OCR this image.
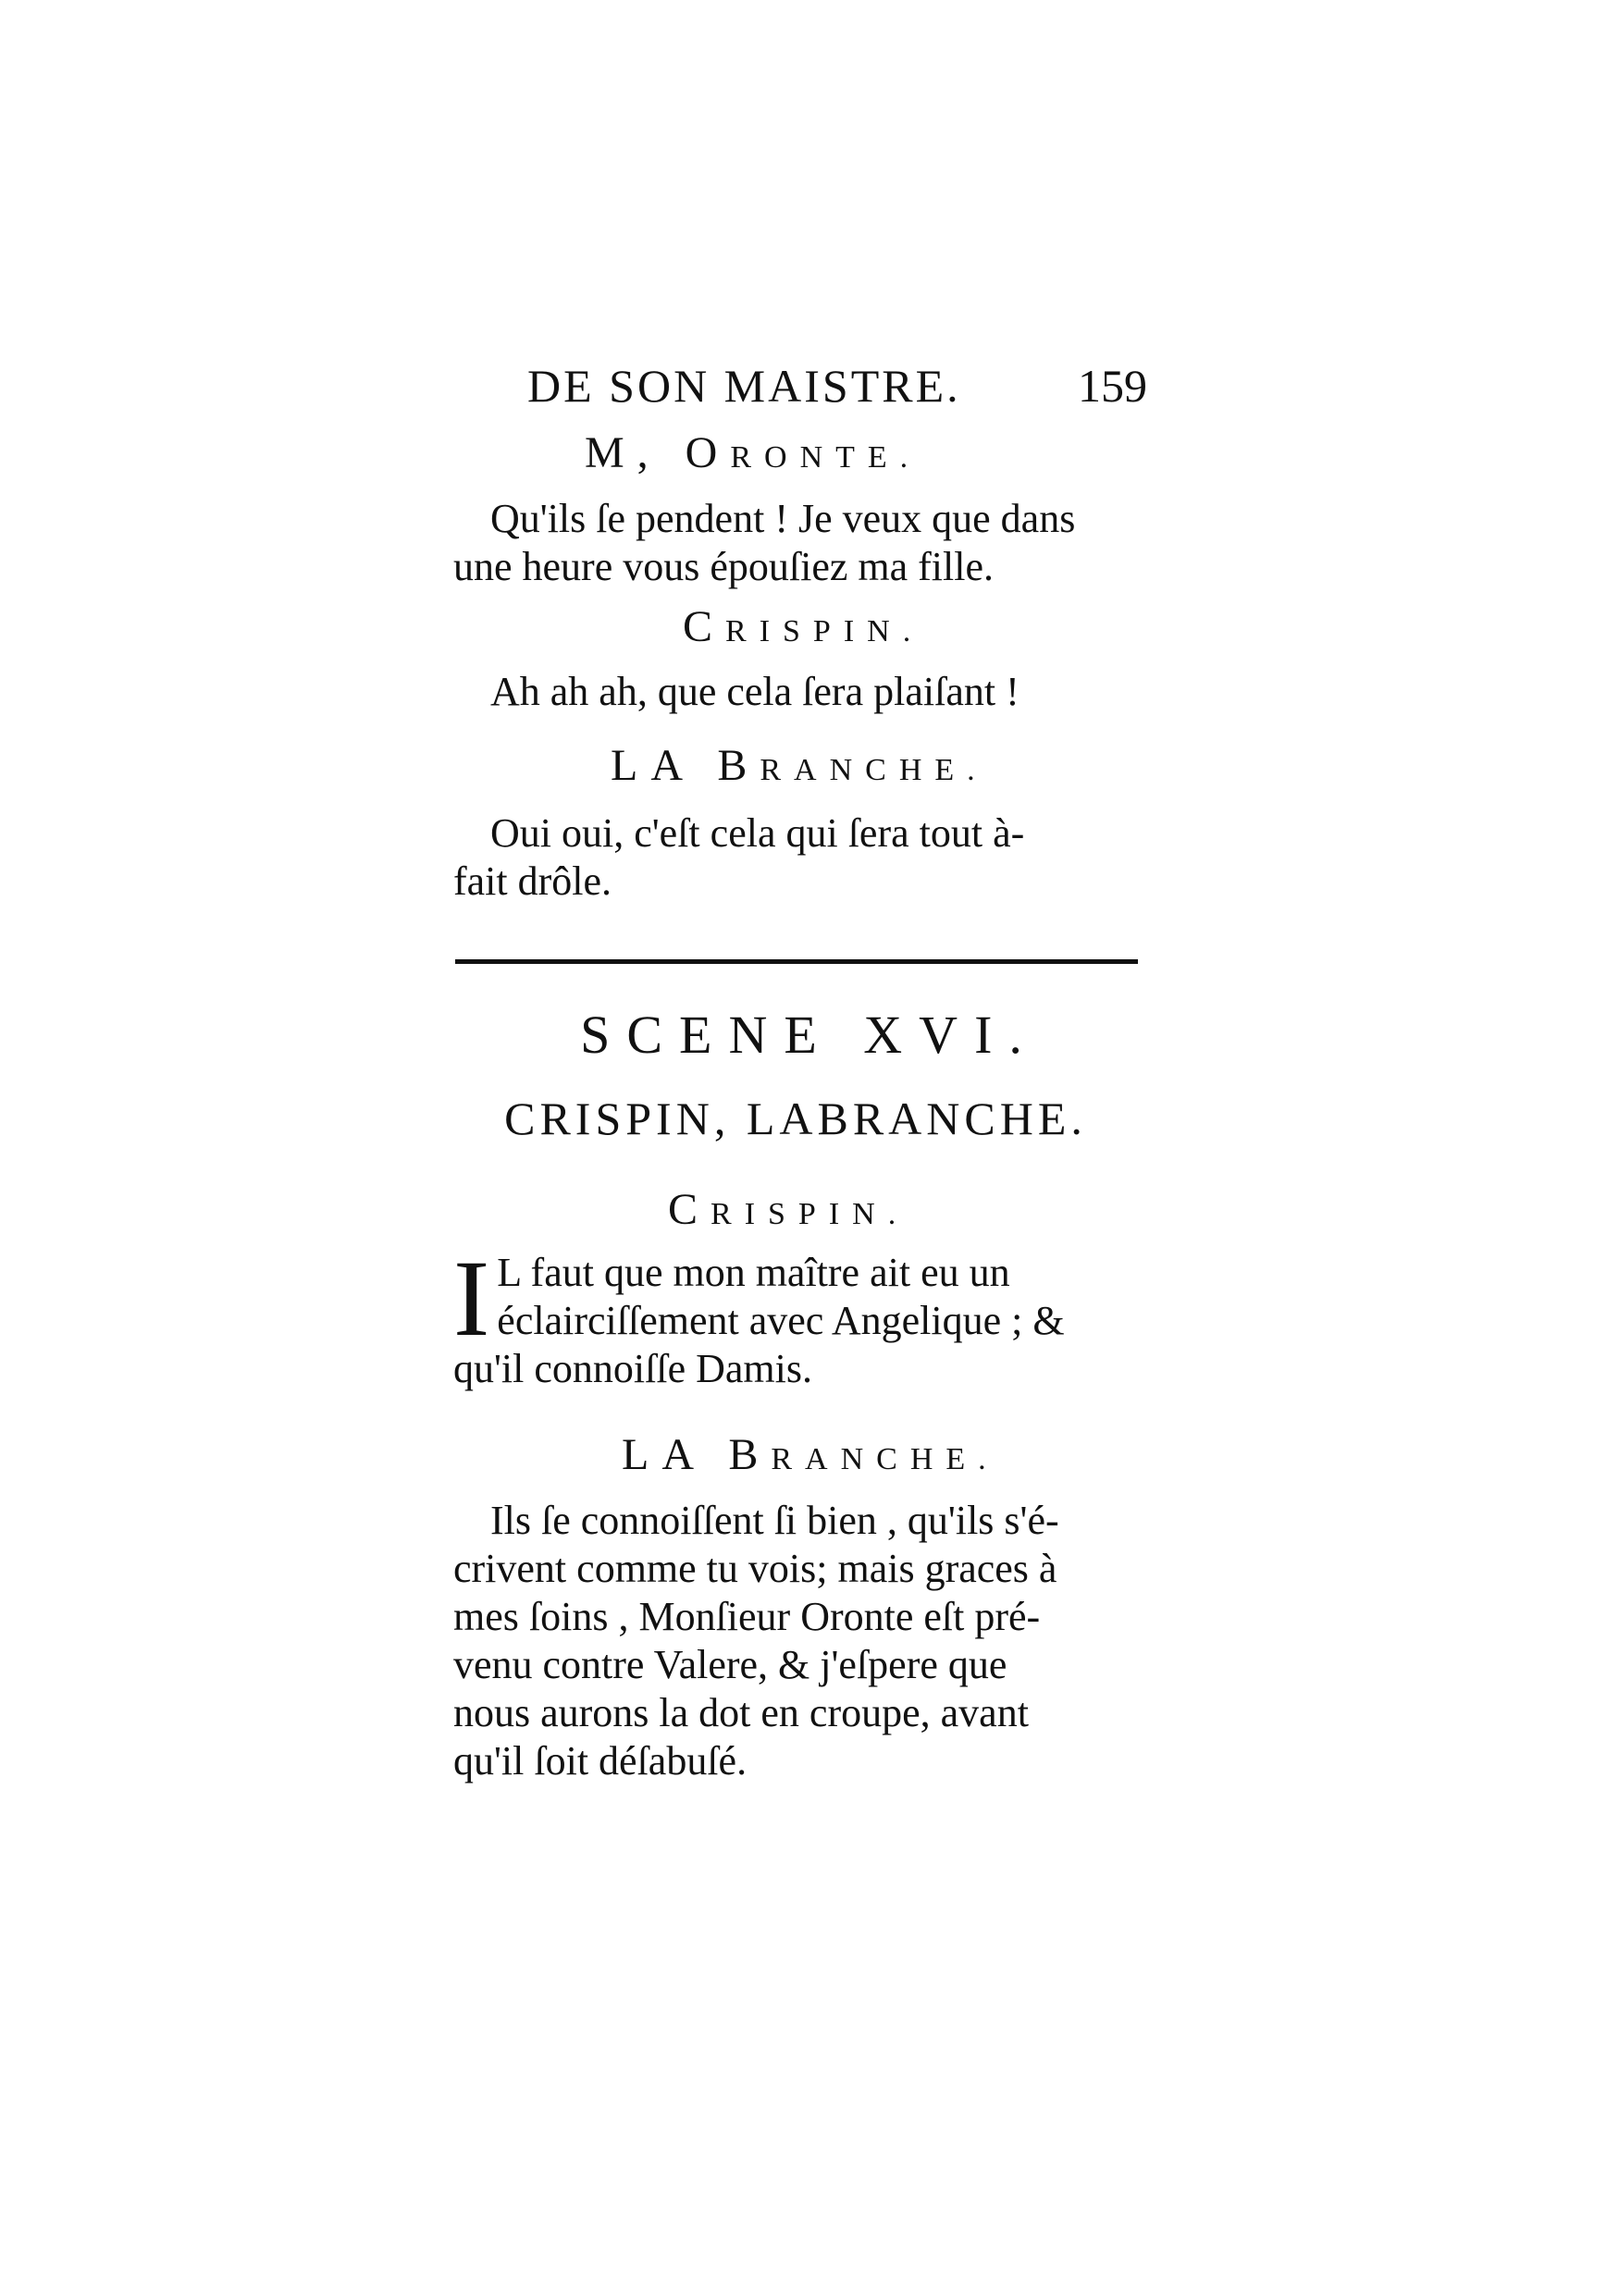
DE SON MAISTRE.	159
M, ORONTE.
Qu'ils ſe pendent ! Je veux que dans
une heure vous épouſiez ma fille.
CRISPIN.
Ah ah ah, que cela ſera plaiſant !
LA BRANCHE.
Oui oui, c'eſt cela qui ſera tout à-
fait drôle.
SCENE XVI.
CRISPIN, LABRANCHE.
CRISPIN.
I L faut que mon maître ait eu un
éclairciſſement avec Angelique ; &
qu'il connoiſſe Damis.
LA BRANCHE.
Ils ſe connoiſſent ſi bien , qu'ils s'é-
crivent comme tu vois; mais graces à
mes ſoins , Monſieur Oronte eſt pré-
venu contre Valere, & j'eſpere que
nous aurons la dot en croupe, avant
qu'il ſoit déſabuſé.
